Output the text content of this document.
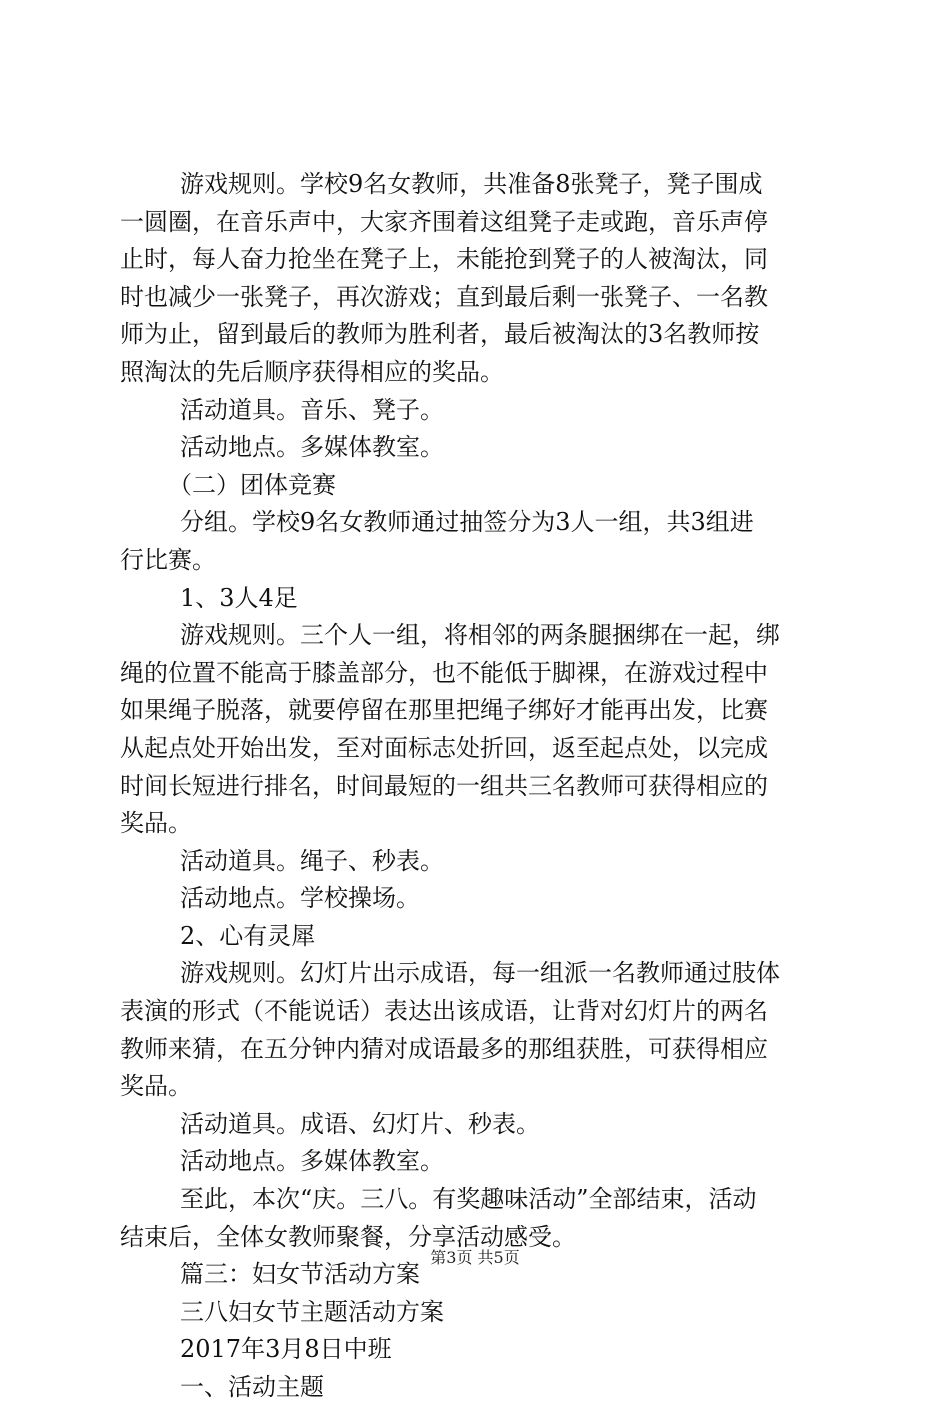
游戏规则。学校9名女教师，共准备8张凳子，凳子围成
一圆圈，在音乐声中，大家齐围着这组凳子走或跑，音乐声停
止时，每人奋力抢坐在凳子上，未能抢到凳子的人被淘汰，同
时也减少一张凳子，再次游戏；直到最后剩一张凳子、一名教
师为止，留到最后的教师为胜利者，最后被淘汰的3名教师按
照淘汰的先后顺序获得相应的奖品。
活动道具。音乐、凳子。
活动地点。多媒体教室。
（二）团体竞赛
分组。学校9名女教师通过抽签分为3人一组，共3组进
行比赛。
1、3人4足
游戏规则。三个人一组，将相邻的两条腿捆绑在一起，绑
绳的位置不能高于膝盖部分，也不能低于脚裸，在游戏过程中
如果绳子脱落，就要停留在那里把绳子绑好才能再出发，比赛
从起点处开始出发，至对面标志处折回，返至起点处，以完成
时间长短进行排名，时间最短的一组共三名教师可获得相应的
奖品。
活动道具。绳子、秒表。
活动地点。学校操场。
2、心有灵犀
游戏规则。幻灯片出示成语，每一组派一名教师通过肢体
表演的形式（不能说话）表达出该成语，让背对幻灯片的两名
教师来猜，在五分钟内猜对成语最多的那组获胜，可获得相应
奖品。
活动道具。成语、幻灯片、秒表。
活动地点。多媒体教室。
至此，本次“庆。三八。有奖趣味活动”全部结束，活动
结束后，全体女教师聚餐，分享活动感受。
篇三：妇女节活动方案
三八妇女节主题活动方案
2017年3月8日中班
一、活动主题
第3页 共5页
